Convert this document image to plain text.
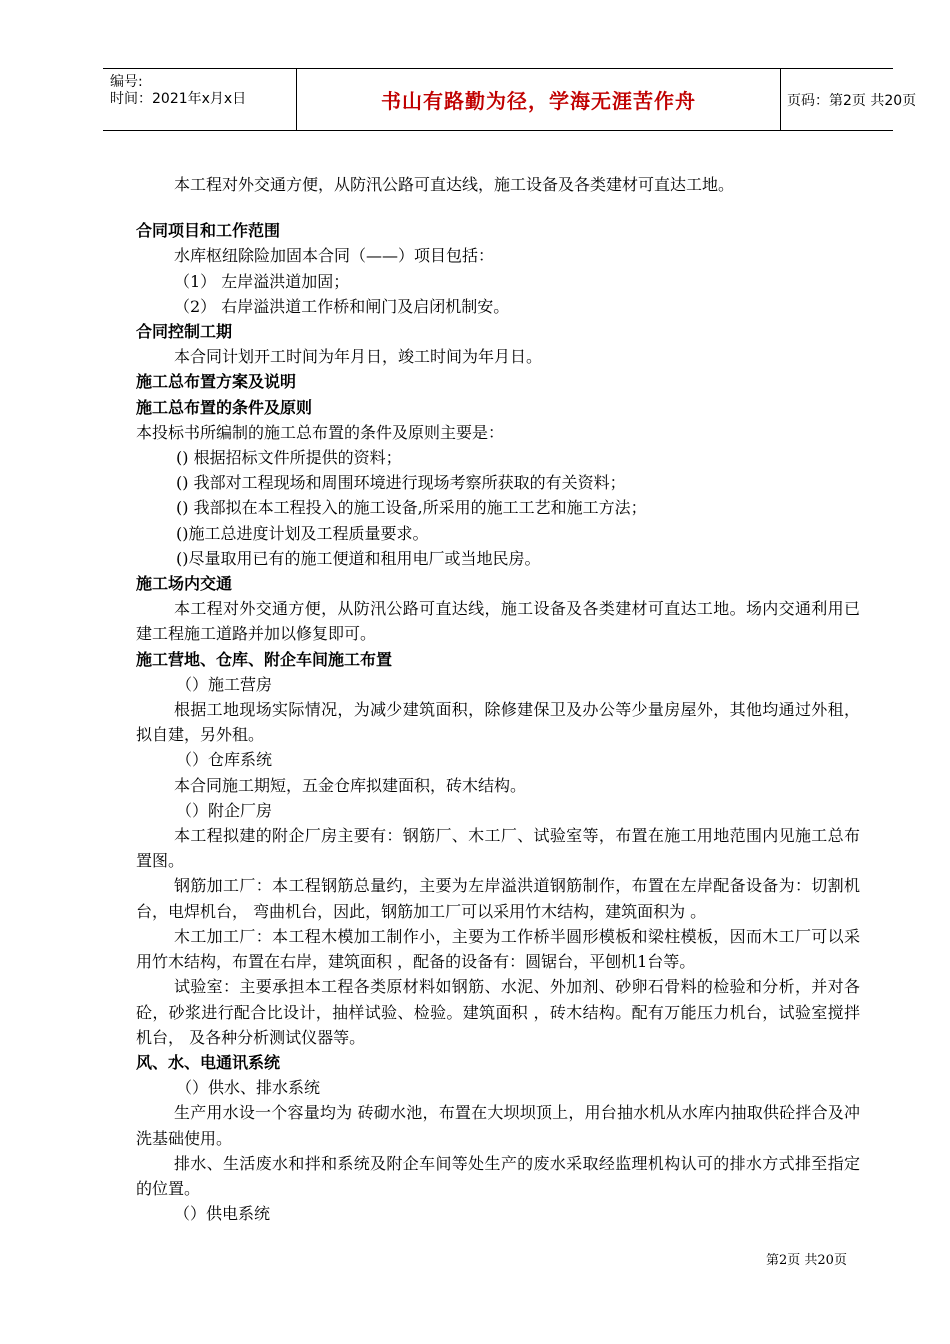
编号:
时间：2021年x月x日	书山有路勤为径，学海无涯苦作舟	页码：第2页 共20页
本工程对外交通方便，从防汛公路可直达线，施工设备及各类建材可直达工地。
合同项目和工作范围
水库枢纽除险加固本合同（——）项目包括：
（1） 左岸溢洪道加固；
（2） 右岸溢洪道工作桥和闸门及启闭机制安。
合同控制工期
本合同计划开工时间为年月日，竣工时间为年月日。
施工总布置方案及说明
施工总布置的条件及原则
本投标书所编制的施工总布置的条件及原则主要是：
() 根据招标文件所提供的资料；
() 我部对工程现场和周围环境进行现场考察所获取的有关资料；
() 我部拟在本工程投入的施工设备,所采用的施工工艺和施工方法；
()施工总进度计划及工程质量要求。
()尽量取用已有的施工便道和租用电厂或当地民房。
施工场内交通
本工程对外交通方便，从防汛公路可直达线，施工设备及各类建材可直达工地。场内交通利用已建工程施工道路并加以修复即可。
施工营地、仓库、附企车间施工布置
（）施工营房
根据工地现场实际情况，为减少建筑面积，除修建保卫及办公等少量房屋外，其他均通过外租，拟自建，另外租。
（）仓库系统
本合同施工期短，五金仓库拟建面积，砖木结构。
（）附企厂房
本工程拟建的附企厂房主要有：钢筋厂、木工厂、试验室等，布置在施工用地范围内见施工总布置图。
钢筋加工厂：本工程钢筋总量约，主要为左岸溢洪道钢筋制作，布置在左岸配备设备为：切割机台，电焊机台， 弯曲机台，因此，钢筋加工厂可以采用竹木结构，建筑面积为 。
木工加工厂：本工程木模加工制作小，主要为工作桥半圆形模板和梁柱模板，因而木工厂可以采用竹木结构，布置在右岸，建筑面积 ，配备的设备有：圆锯台，平刨机1台等。
试验室：主要承担本工程各类原材料如钢筋、水泥、外加剂、砂卵石骨料的检验和分析，并对各砼，砂浆进行配合比设计，抽样试验、检验。建筑面积 ，砖木结构。配有万能压力机台，试验室搅拌机台， 及各种分析测试仪器等。
风、水、电通讯系统
（）供水、排水系统
生产用水设一个容量均为 砖砌水池，布置在大坝坝顶上，用台抽水机从水库内抽取供砼拌合及冲洗基础使用。
排水、生活废水和拌和系统及附企车间等处生产的废水采取经监理机构认可的排水方式排至指定的位置。
（）供电系统
第2页 共20页
